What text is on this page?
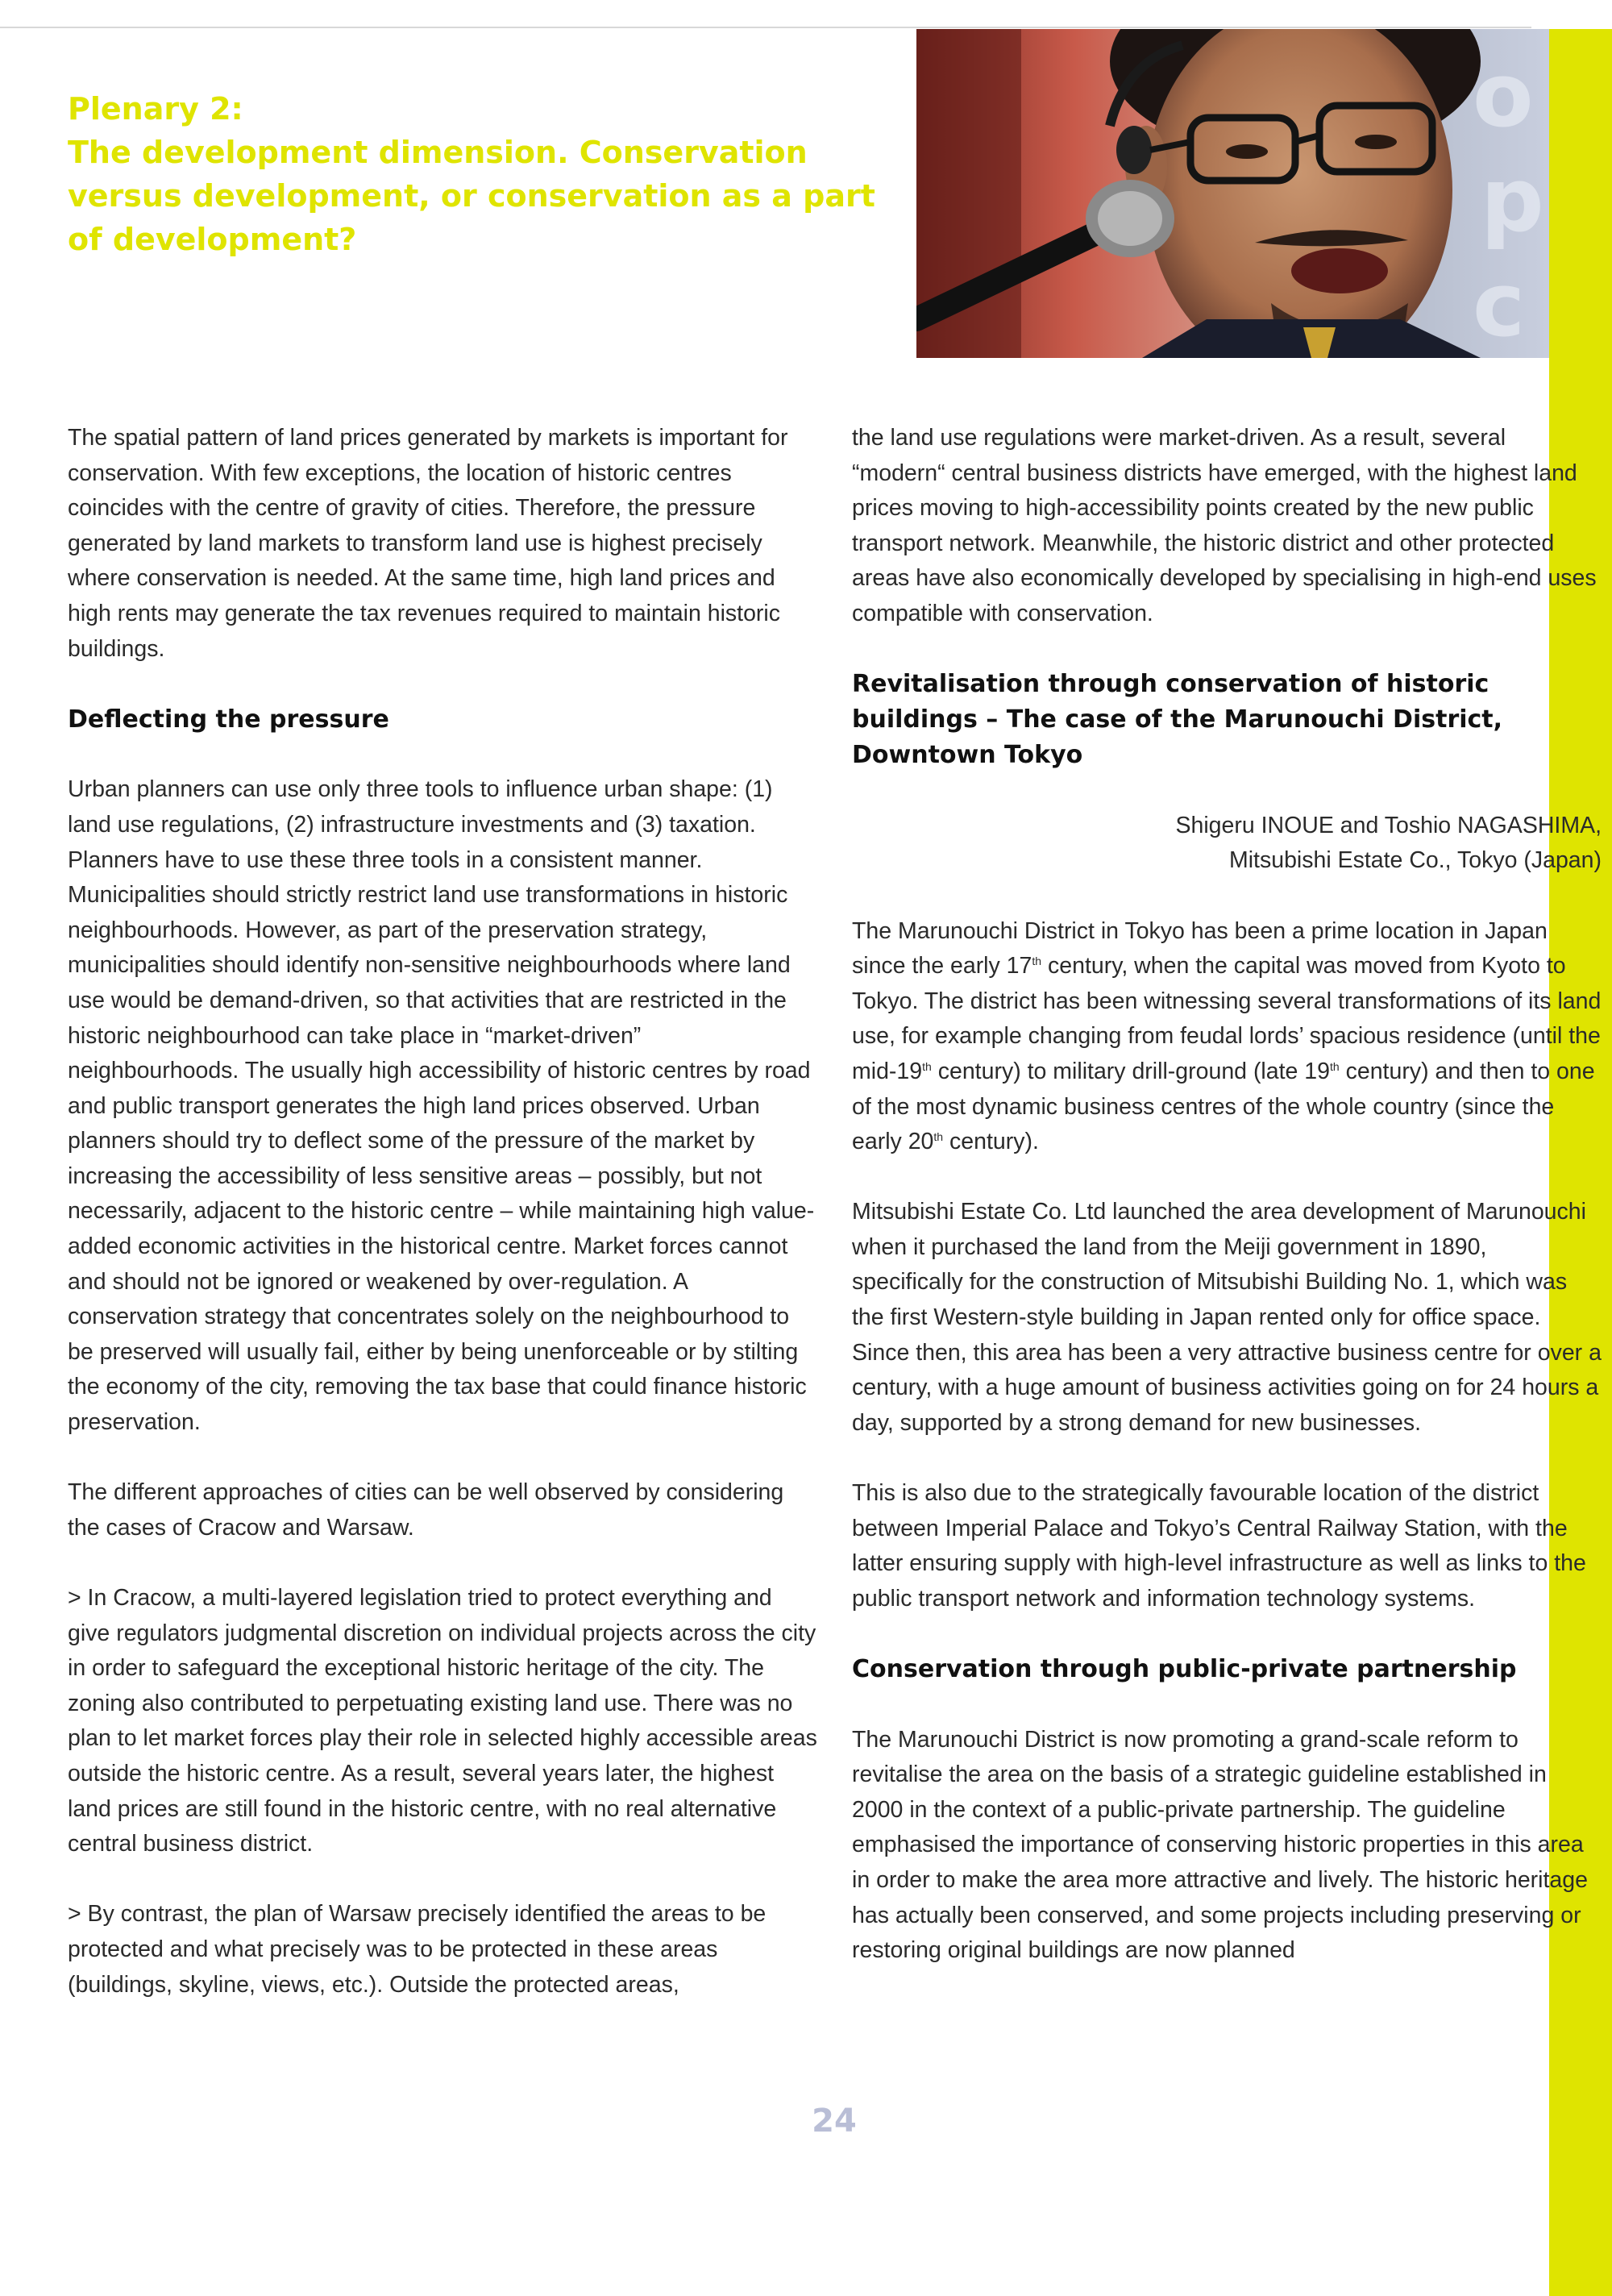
o
p
c
Plenary 2:
The development dimension. Conservation
versus development, or conservation as a part
of development?

The spatial pattern of land prices generated by markets is important for conservation. With few exceptions, the location of historic centres coincides with the centre of gravity of cities. Therefore, the pressure generated by land markets to transform land use is highest precisely where conservation is needed. At the same time, high land prices and high rents may generate the tax revenues required to maintain historic buildings.

Deflecting the pressure

Urban planners can use only three tools to influence urban shape: (1) land use regulations, (2) infrastructure investments and (3) taxation. Planners have to use these three tools in a consistent manner. Municipalities should strictly restrict land use transformations in historic neighbourhoods. However, as part of the preservation strategy, municipalities should identify non-sensitive neighbourhoods where land use would be demand-driven, so that activities that are restricted in the historic neighbourhood can take place in “market-driven” neighbourhoods. The usually high accessibility of historic centres by road and public transport generates the high land prices observed. Urban planners should try to deflect some of the pressure of the market by increasing the accessibility of less sensitive areas – possibly, but not necessarily, adjacent to the historic centre – while maintaining high value-added economic activities in the historical centre. Market forces cannot and should not be ignored or weakened by over-regulation. A conservation strategy that concentrates solely on the neighbourhood to be preserved will usually fail, either by being unenforceable or by stilting the economy of the city, removing the tax base that could finance historic preservation.

The different approaches of cities can be well observed by considering the cases of Cracow and Warsaw.

> In Cracow, a multi-layered legislation tried to protect everything and give regulators judgmental discretion on individual projects across the city in order to safeguard the exceptional historic heritage of the city. The zoning also contributed to perpetuating existing land use. There was no plan to let market forces play their role in selected highly accessible areas outside the historic centre. As a result, several years later, the highest land prices are still found in the historic centre, with no real alternative central business district.

> By contrast, the plan of Warsaw precisely identified the areas to be protected and what precisely was to be protected in these areas (buildings, skyline, views, etc.). Outside the protected areas,

the land use regulations were market-driven. As a result, several “modern“ central business districts have emerged, with the highest land prices moving to high-accessibility points created by the new public transport network. Meanwhile, the historic district and other protected areas have also economically developed by specialising in high-end uses compatible with conservation.

Revitalisation through conservation of historic buildings – The case of the Marunouchi District, Downtown Tokyo
Shigeru INOUE and Toshio NAGASHIMA,
Mitsubishi Estate Co., Tokyo (Japan)

The Marunouchi District in Tokyo has been a prime location in Japan since the early 17th century, when the capital was moved from Kyoto to Tokyo. The district has been witnessing several transformations of its land use, for example changing from feudal lords’ spacious residence (until the mid-19th century) to military drill-ground (late 19th century) and then to one of the most dynamic business centres of the whole country (since the early 20th century).

Mitsubishi Estate Co. Ltd launched the area development of Marunouchi when it purchased the land from the Meiji government in 1890, specifically for the construction of Mitsubishi Building No. 1, which was the first Western-style building in Japan rented only for office space. Since then, this area has been a very attractive business centre for over a century, with a huge amount of business activities going on for 24 hours a day, supported by a strong demand for new businesses.

This is also due to the strategically favourable location of the district between Imperial Palace and Tokyo’s Central Railway Station, with the latter ensuring supply with high-level infrastructure as well as links to the public transport network and information technology systems.

Conservation through public-private partnership

The Marunouchi District is now promoting a grand-scale reform to revitalise the area on the basis of a strategic guideline established in 2000 in the context of a public-private partnership. The guideline emphasised the importance of conserving historic properties in this area in order to make the area more attractive and lively. The historic heritage has actually been conserved, and some projects including preserving or restoring original buildings are now planned

24
